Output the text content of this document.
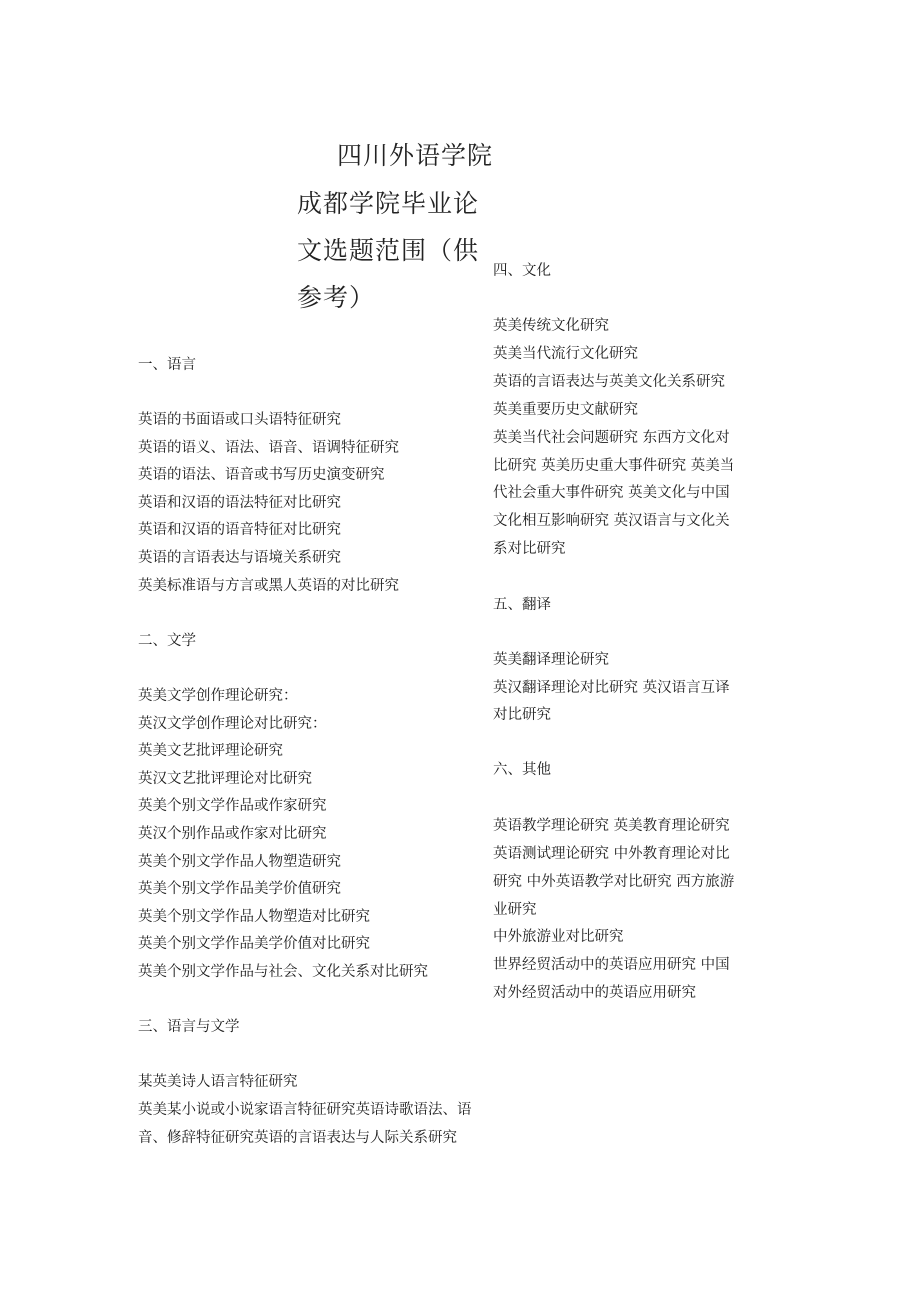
四川外语学院
成都学院毕业论
文选题范围（供
参考）
一、语言
英语的书面语或口头语特征研究
英语的语义、语法、语音、语调特征研究
英语的语法、语音或书写历史演变研究
英语和汉语的语法特征对比研究
英语和汉语的语音特征对比研究
英语的言语表达与语境关系研究
英美标准语与方言或黑人英语的对比研究
二、文学
英美文学创作理论研究：
英汉文学创作理论对比研究：
英美文艺批评理论研究
英汉文艺批评理论对比研究
英美个别文学作品或作家研究
英汉个别作品或作家对比研究
英美个别文学作品人物塑造研究
英美个别文学作品美学价值研究
英美个别文学作品人物塑造对比研究
英美个别文学作品美学价值对比研究
英美个别文学作品与社会、文化关系对比研究
三、语言与文学
某英美诗人语言特征研究
英美某小说或小说家语言特征研究英语诗歌语法、语
音、修辞特征研究英语的言语表达与人际关系研究
四、文化
英美传统文化研究
英美当代流行文化研究
英语的言语表达与英美文化关系研究
英美重要历史文献研究
英美当代社会问题研究 东西方文化对
比研究 英美历史重大事件研究 英美当
代社会重大事件研究 英美文化与中国
文化相互影响研究 英汉语言与文化关
系对比研究
五、翻译
英美翻译理论研究
英汉翻译理论对比研究 英汉语言互译
对比研究
六、其他
英语教学理论研究 英美教育理论研究
英语测试理论研究 中外教育理论对比
研究 中外英语教学对比研究 西方旅游
业研究
中外旅游业对比研究
世界经贸活动中的英语应用研究 中国
对外经贸活动中的英语应用研究
